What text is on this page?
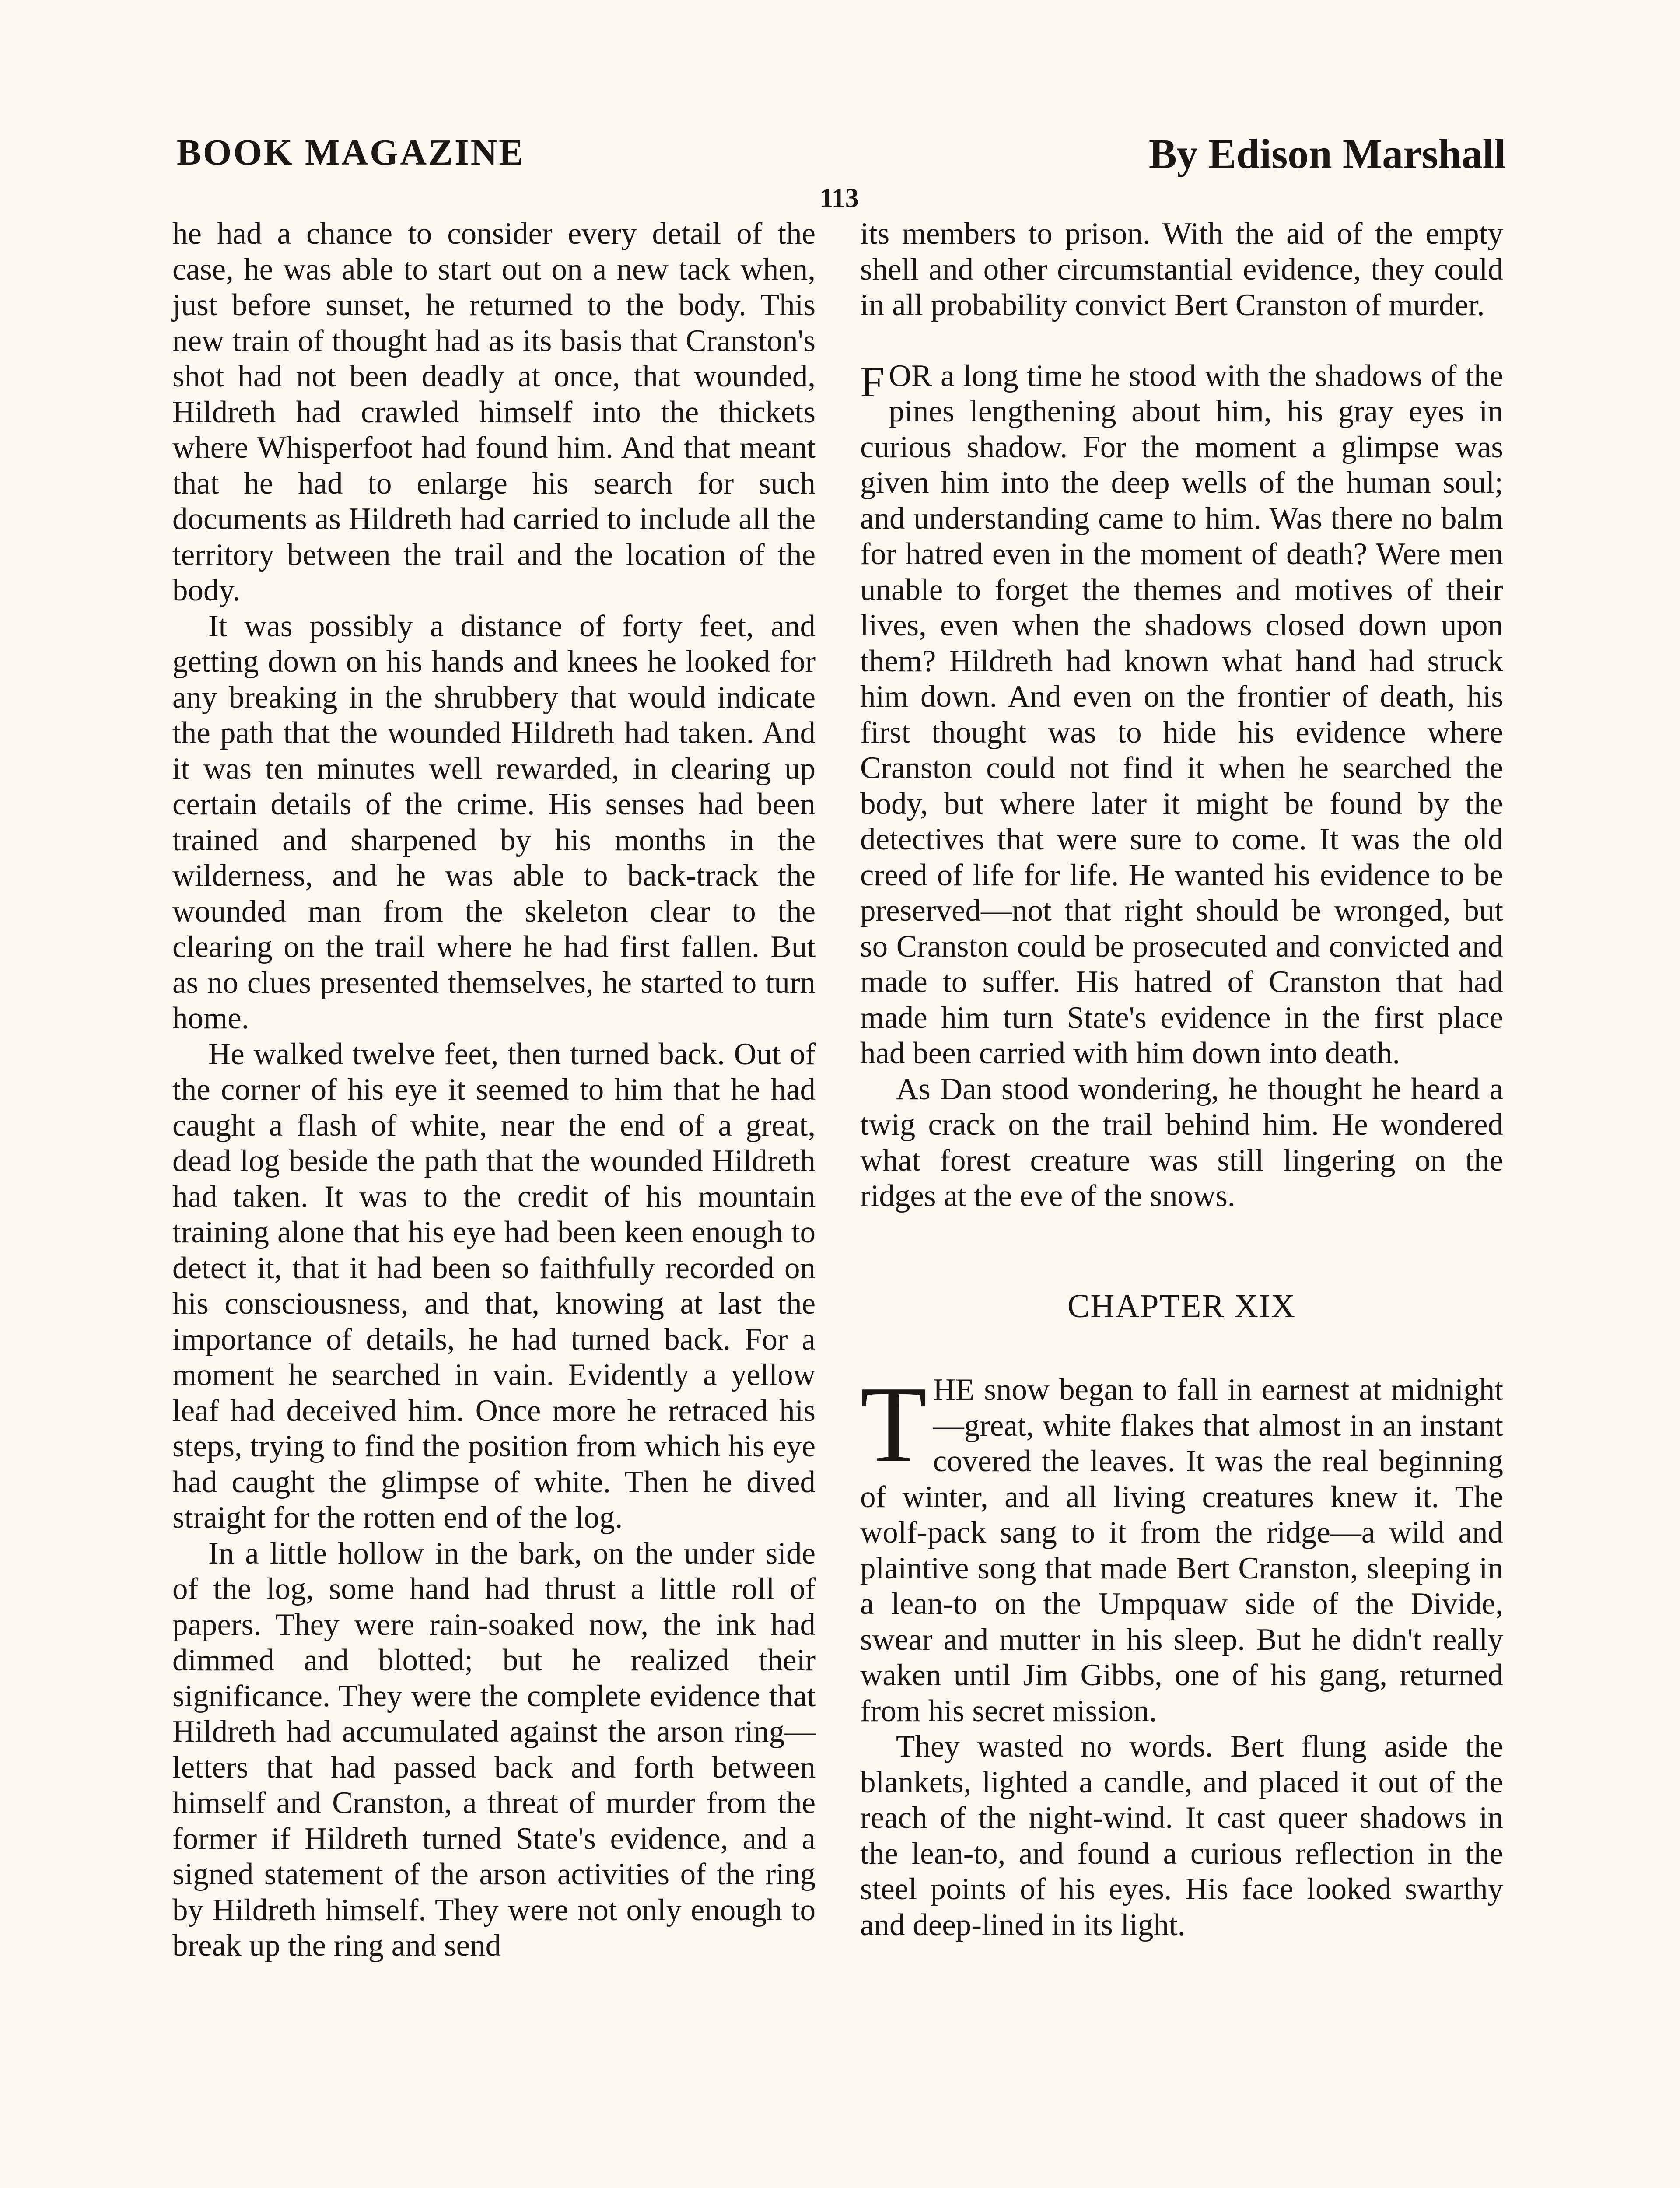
BOOK MAGAZINE	By Edison Marshall
113

he had a chance to consider every detail of the case, he was able to start out on a new tack when, just before sunset, he returned to the body. This new train of thought had as its basis that Cranston's shot had not been deadly at once, that wounded, Hildreth had crawled himself into the thickets where Whisperfoot had found him. And that meant that he had to enlarge his search for such documents as Hildreth had carried to include all the territory between the trail and the location of the body.

It was possibly a distance of forty feet, and getting down on his hands and knees he looked for any breaking in the shrubbery that would indicate the path that the wounded Hildreth had taken. And it was ten minutes well rewarded, in clearing up certain details of the crime. His senses had been trained and sharpened by his months in the wilderness, and he was able to back-track the wounded man from the skeleton clear to the clearing on the trail where he had first fallen. But as no clues presented themselves, he started to turn home.

He walked twelve feet, then turned back. Out of the corner of his eye it seemed to him that he had caught a flash of white, near the end of a great, dead log beside the path that the wounded Hildreth had taken. It was to the credit of his mountain training alone that his eye had been keen enough to detect it, that it had been so faithfully recorded on his consciousness, and that, knowing at last the importance of details, he had turned back. For a moment he searched in vain. Evidently a yellow leaf had deceived him. Once more he retraced his steps, trying to find the position from which his eye had caught the glimpse of white. Then he dived straight for the rotten end of the log.

In a little hollow in the bark, on the under side of the log, some hand had thrust a little roll of papers. They were rain-soaked now, the ink had dimmed and blotted; but he realized their significance. They were the complete evidence that Hildreth had accumulated against the arson ring—letters that had passed back and forth between himself and Cranston, a threat of murder from the former if Hildreth turned State's evidence, and a signed statement of the arson activities of the ring by Hildreth himself. They were not only enough to break up the ring and send

its members to prison. With the aid of the empty shell and other circumstantial evidence, they could in all probability convict Bert Cranston of murder.

F OR a long time he stood with the shadows of the pines lengthening about him, his gray eyes in curious shadow. For the moment a glimpse was given him into the deep wells of the human soul; and understanding came to him. Was there no balm for hatred even in the moment of death? Were men unable to forget the themes and motives of their lives, even when the shadows closed down upon them? Hildreth had known what hand had struck him down. And even on the frontier of death, his first thought was to hide his evidence where Cranston could not find it when he searched the body, but where later it might be found by the detectives that were sure to come. It was the old creed of life for life. He wanted his evidence to be preserved—not that right should be wronged, but so Cranston could be prosecuted and convicted and made to suffer. His hatred of Cranston that had made him turn State's evidence in the first place had been carried with him down into death.

As Dan stood wondering, he thought he heard a twig crack on the trail behind him. He wondered what forest creature was still lingering on the ridges at the eve of the snows.

CHAPTER XIX

THE snow began to fall in earnest at midnight—great, white flakes that almost in an instant covered the leaves. It was the real beginning of winter, and all living creatures knew it. The wolf-pack sang to it from the ridge—a wild and plaintive song that made Bert Cranston, sleeping in a lean-to on the Umpquaw side of the Divide, swear and mutter in his sleep. But he didn't really waken until Jim Gibbs, one of his gang, returned from his secret mission.

They wasted no words. Bert flung aside the blankets, lighted a candle, and placed it out of the reach of the night-wind. It cast queer shadows in the lean-to, and found a curious reflection in the steel points of his eyes. His face looked swarthy and deep-lined in its light.
